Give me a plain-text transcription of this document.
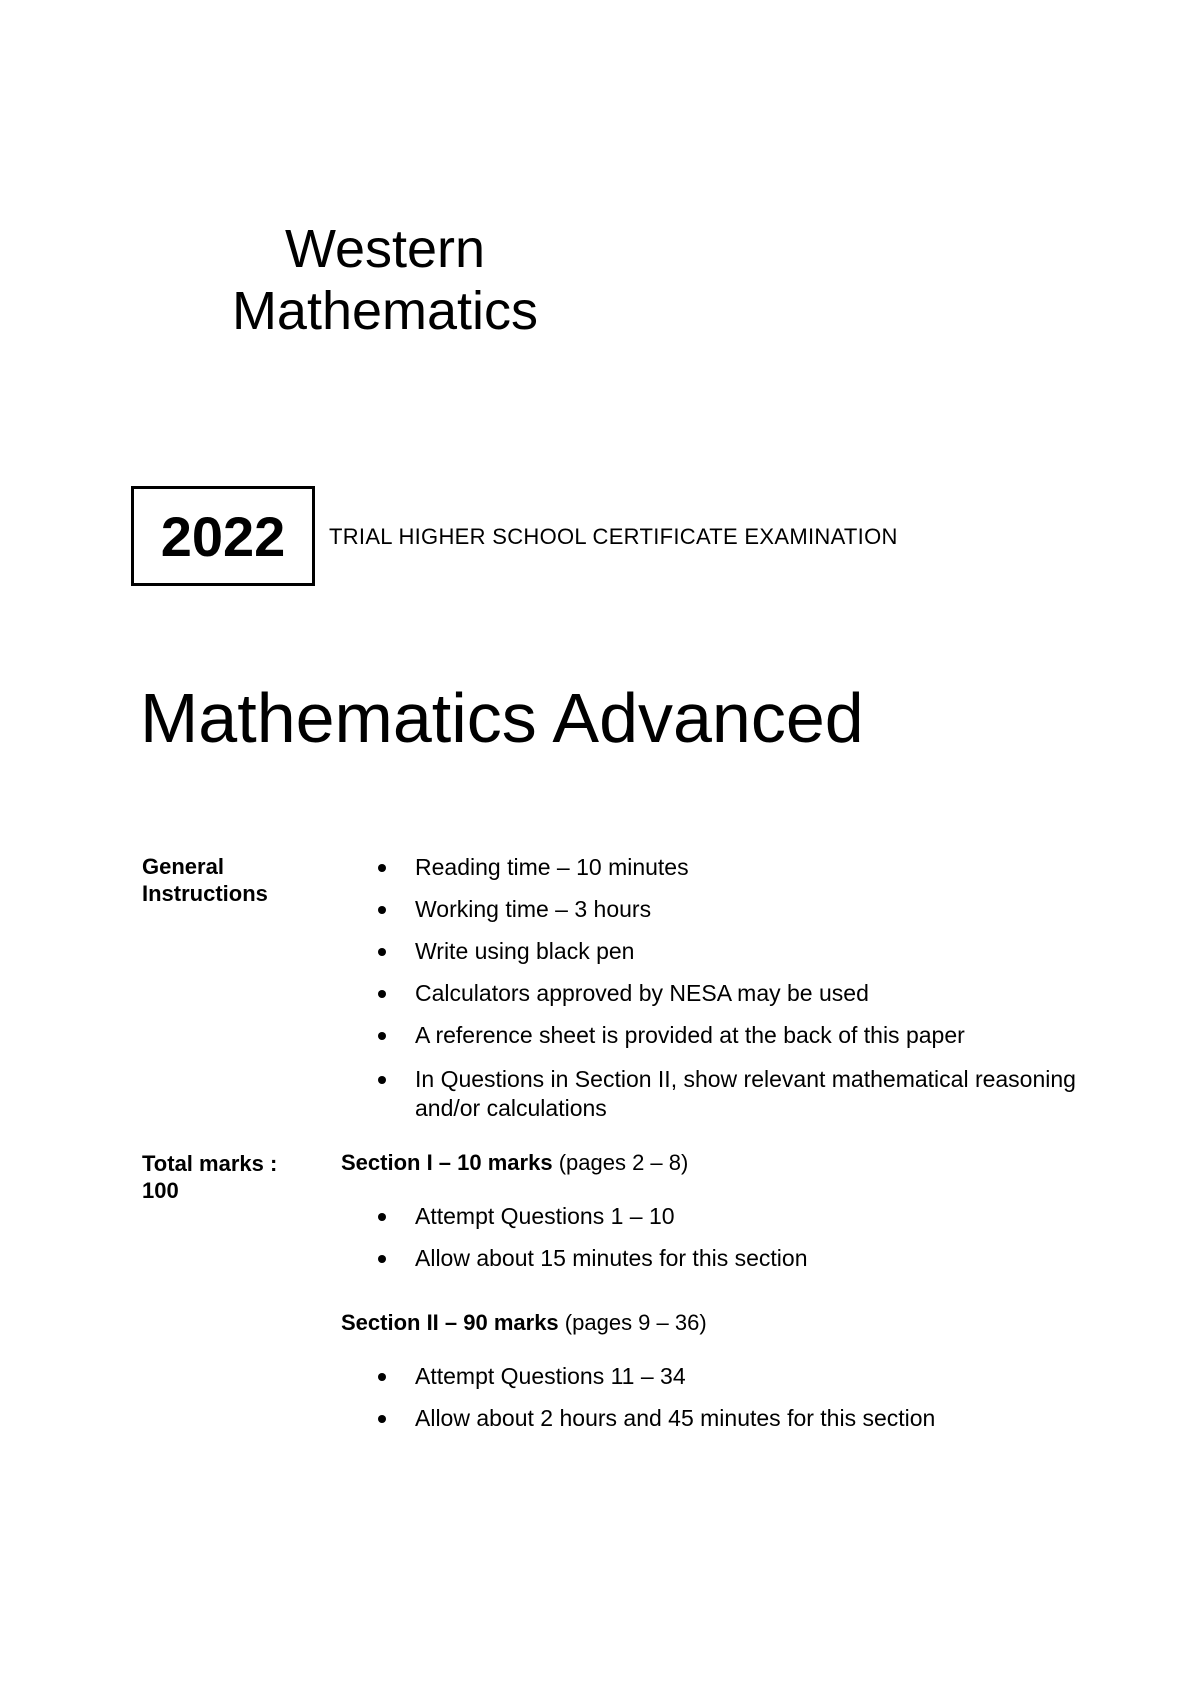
Western
Mathematics
2022	TRIAL HIGHER SCHOOL CERTIFICATE EXAMINATION
Mathematics Advanced
General
Instructions
Reading time – 10 minutes
Working time – 3 hours
Write using black pen
Calculators approved by NESA may be used
A reference sheet is provided at the back of this paper
In Questions in Section II, show relevant mathematical reasoning and/or calculations
Total marks :
100
Section I – 10 marks (pages 2 – 8)
Attempt Questions 1 – 10
Allow about 15 minutes for this section
Section II – 90 marks (pages 9 – 36)
Attempt Questions 11 – 34
Allow about 2 hours and 45 minutes for this section
